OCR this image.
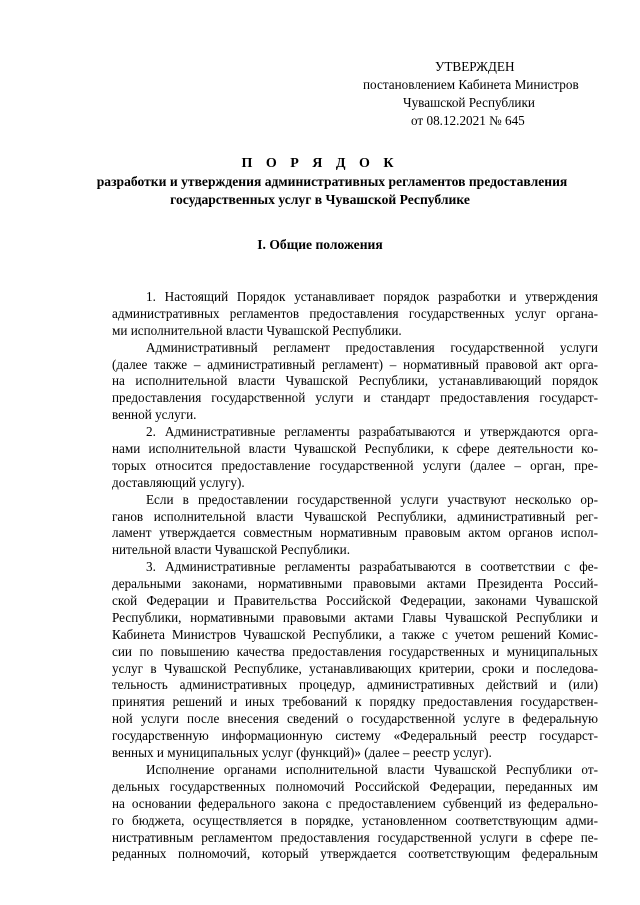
УТВЕРЖДЕН
постановлением Кабинета Министров
Чувашской Республики
от 08.12.2021 № 645
П О Р Я Д О К
разработки и утверждения административных регламентов предоставления
государственных услуг в Чувашской Республике
I. Общие положения
1. Настоящий Порядок устанавливает порядок разработки и утверждения
административных регламентов предоставления государственных услуг органа-
ми исполнительной власти Чувашской Республики.
Административный регламент предоставления государственной услуги
(далее также – административный регламент) – нормативный правовой акт орга-
на исполнительной власти Чувашской Республики, устанавливающий порядок
предоставления государственной услуги и стандарт предоставления государст-
венной услуги.
2. Административные регламенты разрабатываются и утверждаются орга-
нами исполнительной власти Чувашской Республики, к сфере деятельности ко-
торых относится предоставление государственной услуги (далее – орган, пре-
доставляющий услугу).
Если в предоставлении государственной услуги участвуют несколько ор-
ганов исполнительной власти Чувашской Республики, административный рег-
ламент утверждается совместным нормативным правовым актом органов испол-
нительной власти Чувашской Республики.
3. Административные регламенты разрабатываются в соответствии с фе-
деральными законами, нормативными правовыми актами Президента Россий-
ской Федерации и Правительства Российской Федерации, законами Чувашской
Республики, нормативными правовыми актами Главы Чувашской Республики и
Кабинета Министров Чувашской Республики, а также с учетом решений Комис-
сии по повышению качества предоставления государственных и муниципальных
услуг в Чувашской Республике, устанавливающих критерии, сроки и последова-
тельность административных процедур, административных действий и (или)
принятия решений и иных требований к порядку предоставления государствен-
ной услуги после внесения сведений о государственной услуге в федеральную
государственную информационную систему «Федеральный реестр государст-
венных и муниципальных услуг (функций)» (далее – реестр услуг).
Исполнение органами исполнительной власти Чувашской Республики от-
дельных государственных полномочий Российской Федерации, переданных им
на основании федерального закона с предоставлением субвенций из федерально-
го бюджета, осуществляется в порядке, установленном соответствующим адми-
нистративным регламентом предоставления государственной услуги в сфере пе-
реданных полномочий, который утверждается соответствующим федеральным
